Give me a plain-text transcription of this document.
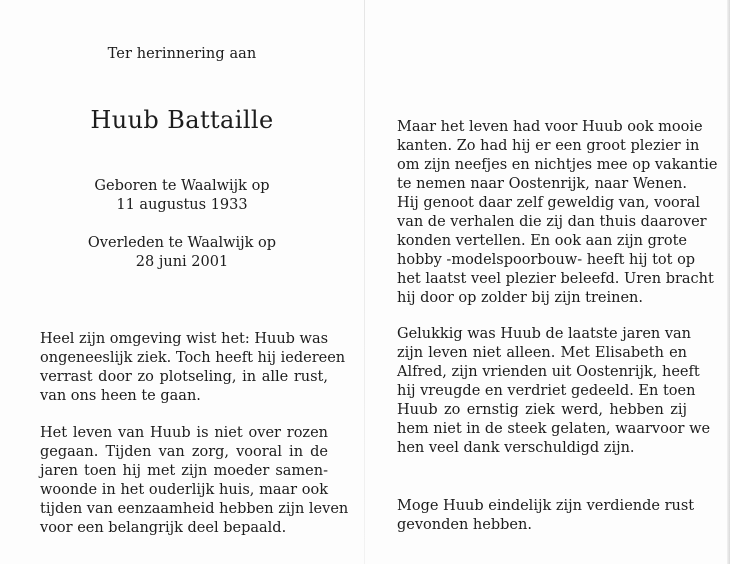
Ter herinnering aan
Huub Battaille
Geboren te Waalwijk op
11 augustus 1933
Overleden te Waalwijk op
28 juni 2001
Heel zijn omgeving wist het: Huub was
ongeneeslijk ziek. Toch heeft hij iedereen
verrast door zo plotseling, in alle rust,
van ons heen te gaan.
Het leven van Huub is niet over rozen
gegaan. Tijden van zorg, vooral in de
jaren toen hij met zijn moeder samen-
woonde in het ouderlijk huis, maar ook
tijden van eenzaamheid hebben zijn leven
voor een belangrijk deel bepaald.
Maar het leven had voor Huub ook mooie
kanten. Zo had hij er een groot plezier in
om zijn neefjes en nichtjes mee op vakantie
te nemen naar Oostenrijk, naar Wenen.
Hij genoot daar zelf geweldig van, vooral
van de verhalen die zij dan thuis daarover
konden vertellen. En ook aan zijn grote
hobby -modelspoorbouw- heeft hij tot op
het laatst veel plezier beleefd. Uren bracht
hij door op zolder bij zijn treinen.
Gelukkig was Huub de laatste jaren van
zijn leven niet alleen. Met Elisabeth en
Alfred, zijn vrienden uit Oostenrijk, heeft
hij vreugde en verdriet gedeeld. En toen
Huub zo ernstig ziek werd, hebben zij
hem niet in de steek gelaten, waarvoor we
hen veel dank verschuldigd zijn.
Moge Huub eindelijk zijn verdiende rust
gevonden hebben.
